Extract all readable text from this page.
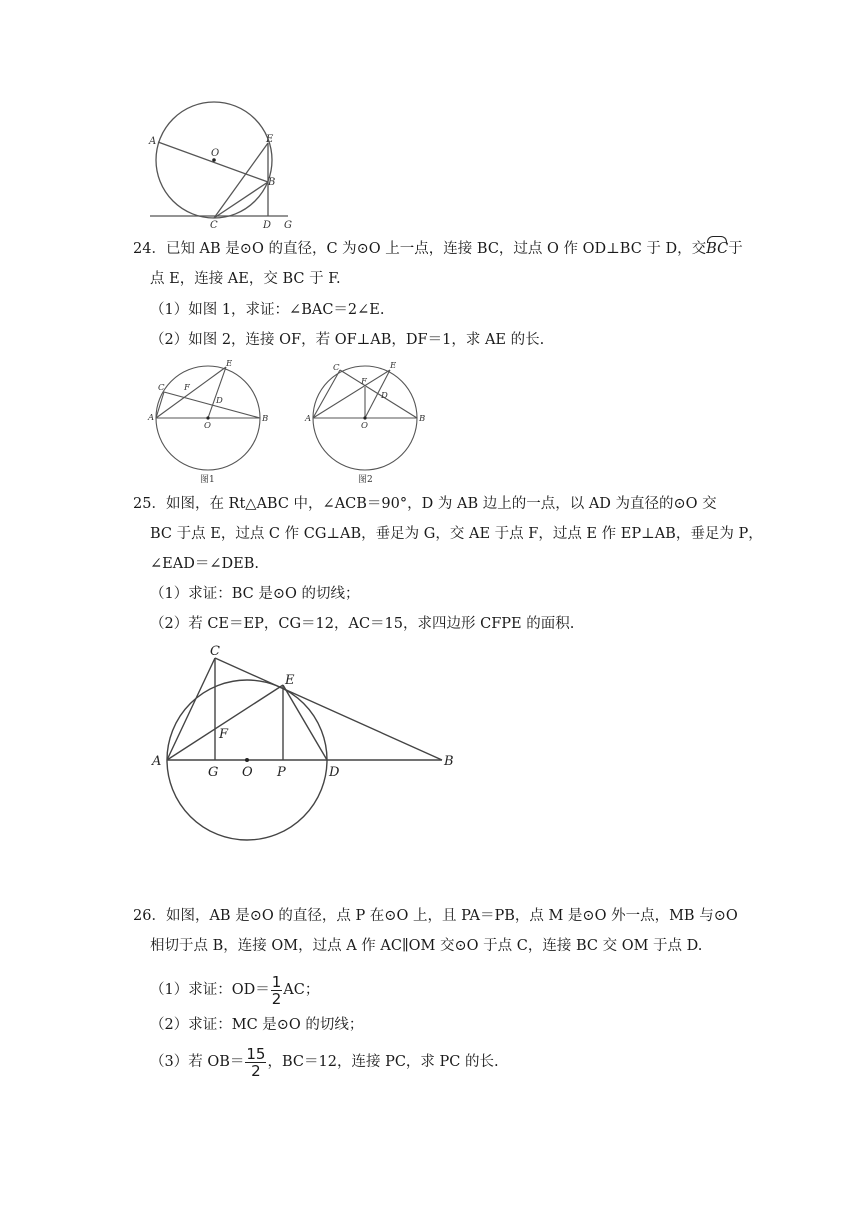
A
O
E
B
C	D G
24．已知 AB 是⊙O 的直径，C 为⊙O 上一点，连接 BC，过点 O 作 OD⊥BC 于 D，交BC于
点 E，连接 AE，交 BC 于 F.
（1）如图 1，求证：∠BAC＝2∠E.
（2）如图 2，连接 OF，若 OF⊥AB，DF＝1，求 AE 的长.
A	B
C F
E
D
O
图1
A	B
C
F
E
D
O
图2
25．如图，在 Rt△ABC 中，∠ACB＝90°，D 为 AB 边上的一点，以 AD 为直径的⊙O 交
BC 于点 E，过点 C 作 CG⊥AB，垂足为 G，交 AE 于点 F，过点 E 作 EP⊥AB，垂足为 P，
∠EAD＝∠DEB.
（1）求证：BC 是⊙O 的切线；
（2）若 CE＝EP，CG＝12，AC＝15，求四边形 CFPE 的面积.
A
C
E
F
G O P	D
B
26．如图，AB 是⊙O 的直径，点 P 在⊙O 上，且 PA＝PB，点 M 是⊙O 外一点，MB 与⊙O
相切于点 B，连接 OM，过点 A 作 AC∥OM 交⊙O 于点 C，连接 BC 交 OM 于点 D.
（1）求证：$OD= \frac{1}{2}$ AC；
（2）求证：MC 是⊙O 的切线；
（3）若 $OB= \frac{15}{2}$ ，BC＝12，连接 PC，求 PC 的长.
